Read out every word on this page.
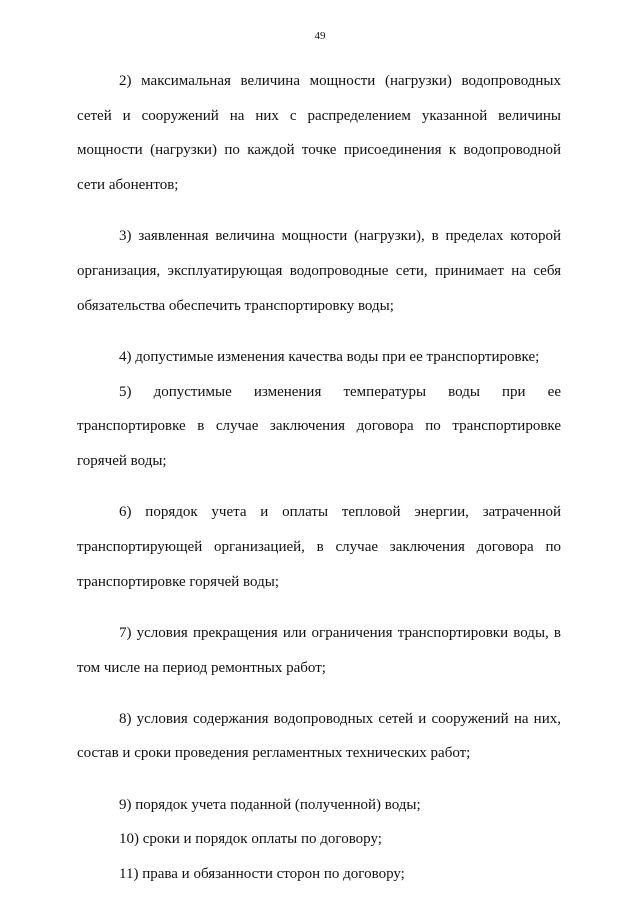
49

2) максимальная величина мощности (нагрузки) водопроводных сетей и сооружений на них с распределением указанной величины мощности (нагрузки) по каждой точке присоединения к водопроводной сети абонентов;

3) заявленная величина мощности (нагрузки), в пределах которой организация, эксплуатирующая водопроводные сети, принимает на себя обязательства обеспечить транспортировку воды;

4) допустимые изменения качества воды при ее транспортировке;

5) допустимые изменения температуры воды при ее транспортировке в случае заключения договора по транспортировке горячей воды;

6) порядок учета и оплаты тепловой энергии, затраченной транспортирующей организацией, в случае заключения договора по транспортировке горячей воды;

7) условия прекращения или ограничения транспортировки воды, в том числе на период ремонтных работ;

8) условия содержания водопроводных сетей и сооружений на них, состав и сроки проведения регламентных технических работ;

9) порядок учета поданной (полученной) воды;

10) сроки и порядок оплаты по договору;

11) права и обязанности сторон по договору;
